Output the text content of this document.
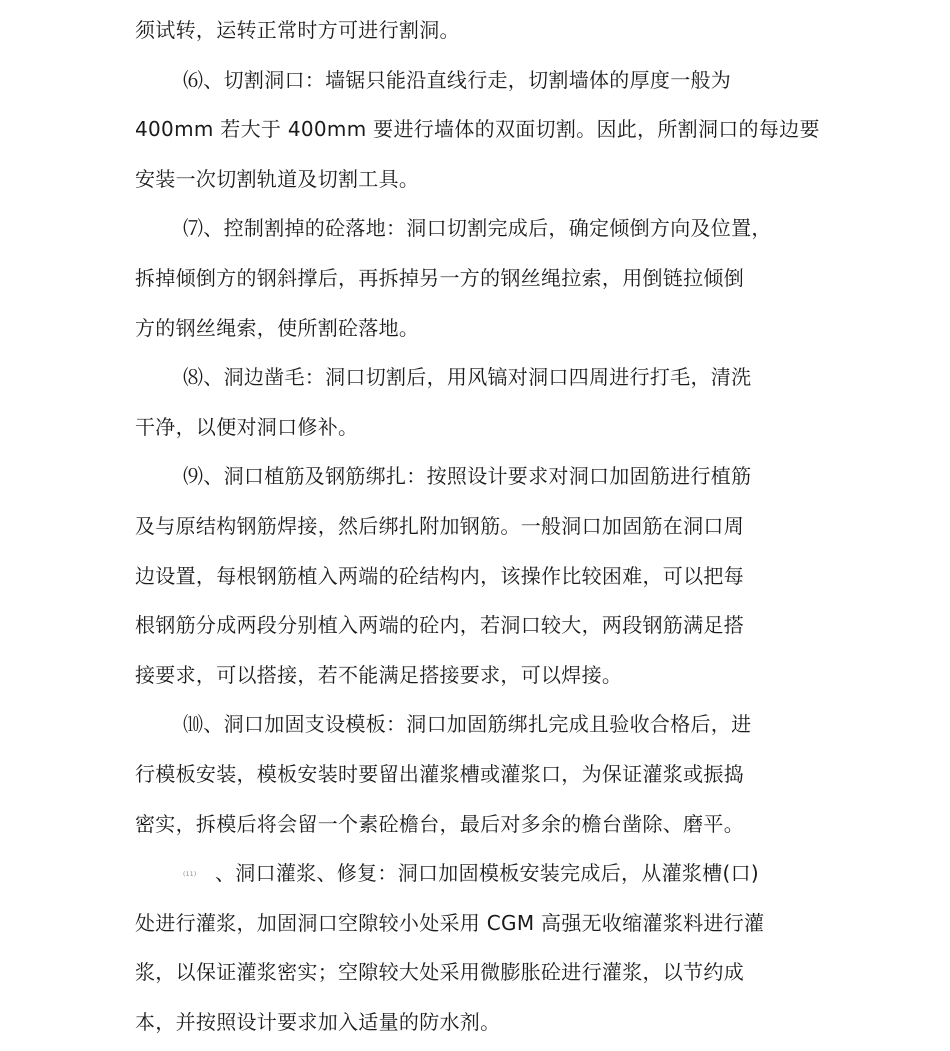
须试转，运转正常时方可进行割洞。
⑹、切割洞口：墙锯只能沿直线行走，切割墙体的厚度一般为
400mm 若大于 400mm 要进行墙体的双面切割。因此，所割洞口的每边要
安装一次切割轨道及切割工具。
⑺、控制割掉的砼落地：洞口切割完成后，确定倾倒方向及位置，
拆掉倾倒方的钢斜撑后，再拆掉另一方的钢丝绳拉索，用倒链拉倾倒
方的钢丝绳索，使所割砼落地。
⑻、洞边凿毛：洞口切割后，用风镐对洞口四周进行打毛，清洗
干净，以便对洞口修补。
⑼、洞口植筋及钢筋绑扎：按照设计要求对洞口加固筋进行植筋
及与原结构钢筋焊接，然后绑扎附加钢筋。一般洞口加固筋在洞口周
边设置，每根钢筋植入两端的砼结构内，该操作比较困难，可以把每
根钢筋分成两段分别植入两端的砼内，若洞口较大，两段钢筋满足搭
接要求，可以搭接，若不能满足搭接要求，可以焊接。
⑽、洞口加固支设模板：洞口加固筋绑扎完成且验收合格后，进
行模板安装，模板安装时要留出灌浆槽或灌浆口，为保证灌浆或振捣
密实，拆模后将会留一个素砼檐台，最后对多余的檐台凿除、磨平。
(11) 、洞口灌浆、修复：洞口加固模板安装完成后，从灌浆槽(口)
处进行灌浆，加固洞口空隙较小处采用 CGM 高强无收缩灌浆料进行灌
浆，以保证灌浆密实；空隙较大处采用微膨胀砼进行灌浆，以节约成
本，并按照设计要求加入适量的防水剂。
